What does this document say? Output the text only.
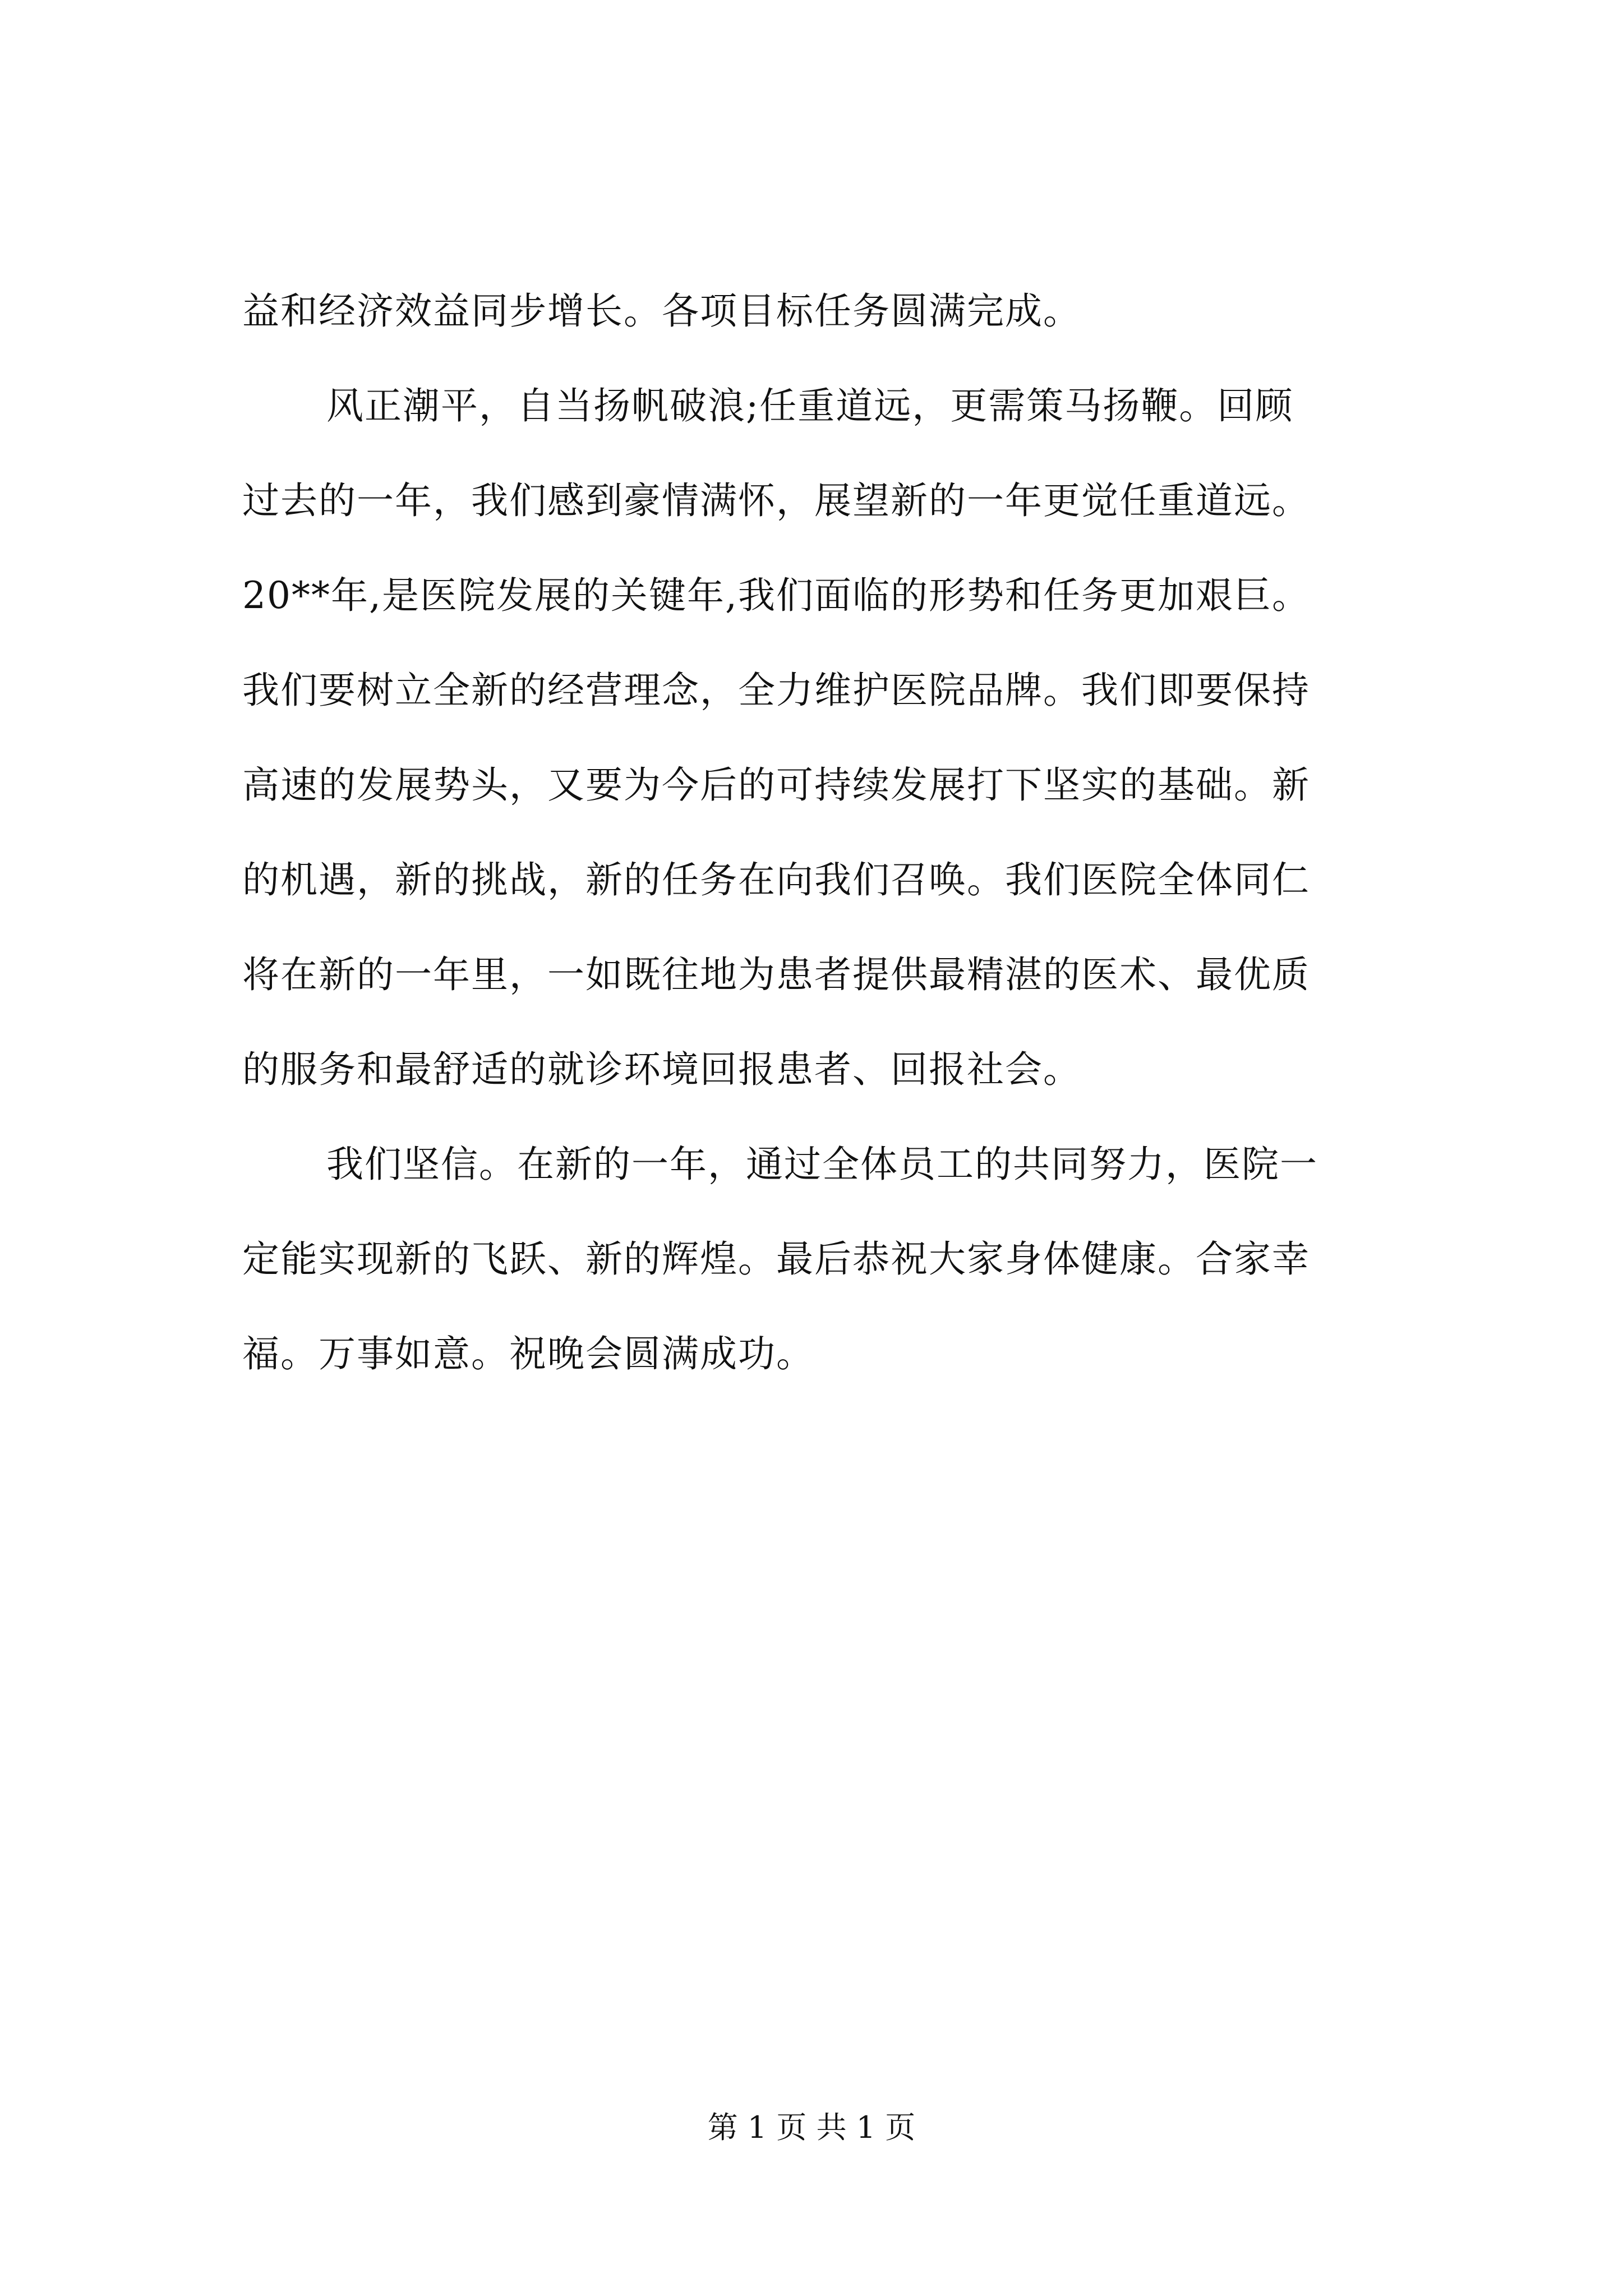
益和经济效益同步增长。各项目标任务圆满完成。

风正潮平，自当扬帆破浪;任重道远，更需策马扬鞭。回顾

过去的一年，我们感到豪情满怀，展望新的一年更觉任重道远。

20**年,是医院发展的关键年,我们面临的形势和任务更加艰巨。

我们要树立全新的经营理念，全力维护医院品牌。我们即要保持

高速的发展势头，又要为今后的可持续发展打下坚实的基础。新

的机遇，新的挑战，新的任务在向我们召唤。我们医院全体同仁

将在新的一年里，一如既往地为患者提供最精湛的医术、最优质

的服务和最舒适的就诊环境回报患者、回报社会。

我们坚信。在新的一年，通过全体员工的共同努力，医院一

定能实现新的飞跃、新的辉煌。最后恭祝大家身体健康。合家幸

福。万事如意。祝晚会圆满成功。

第 1 页 共 1 页
